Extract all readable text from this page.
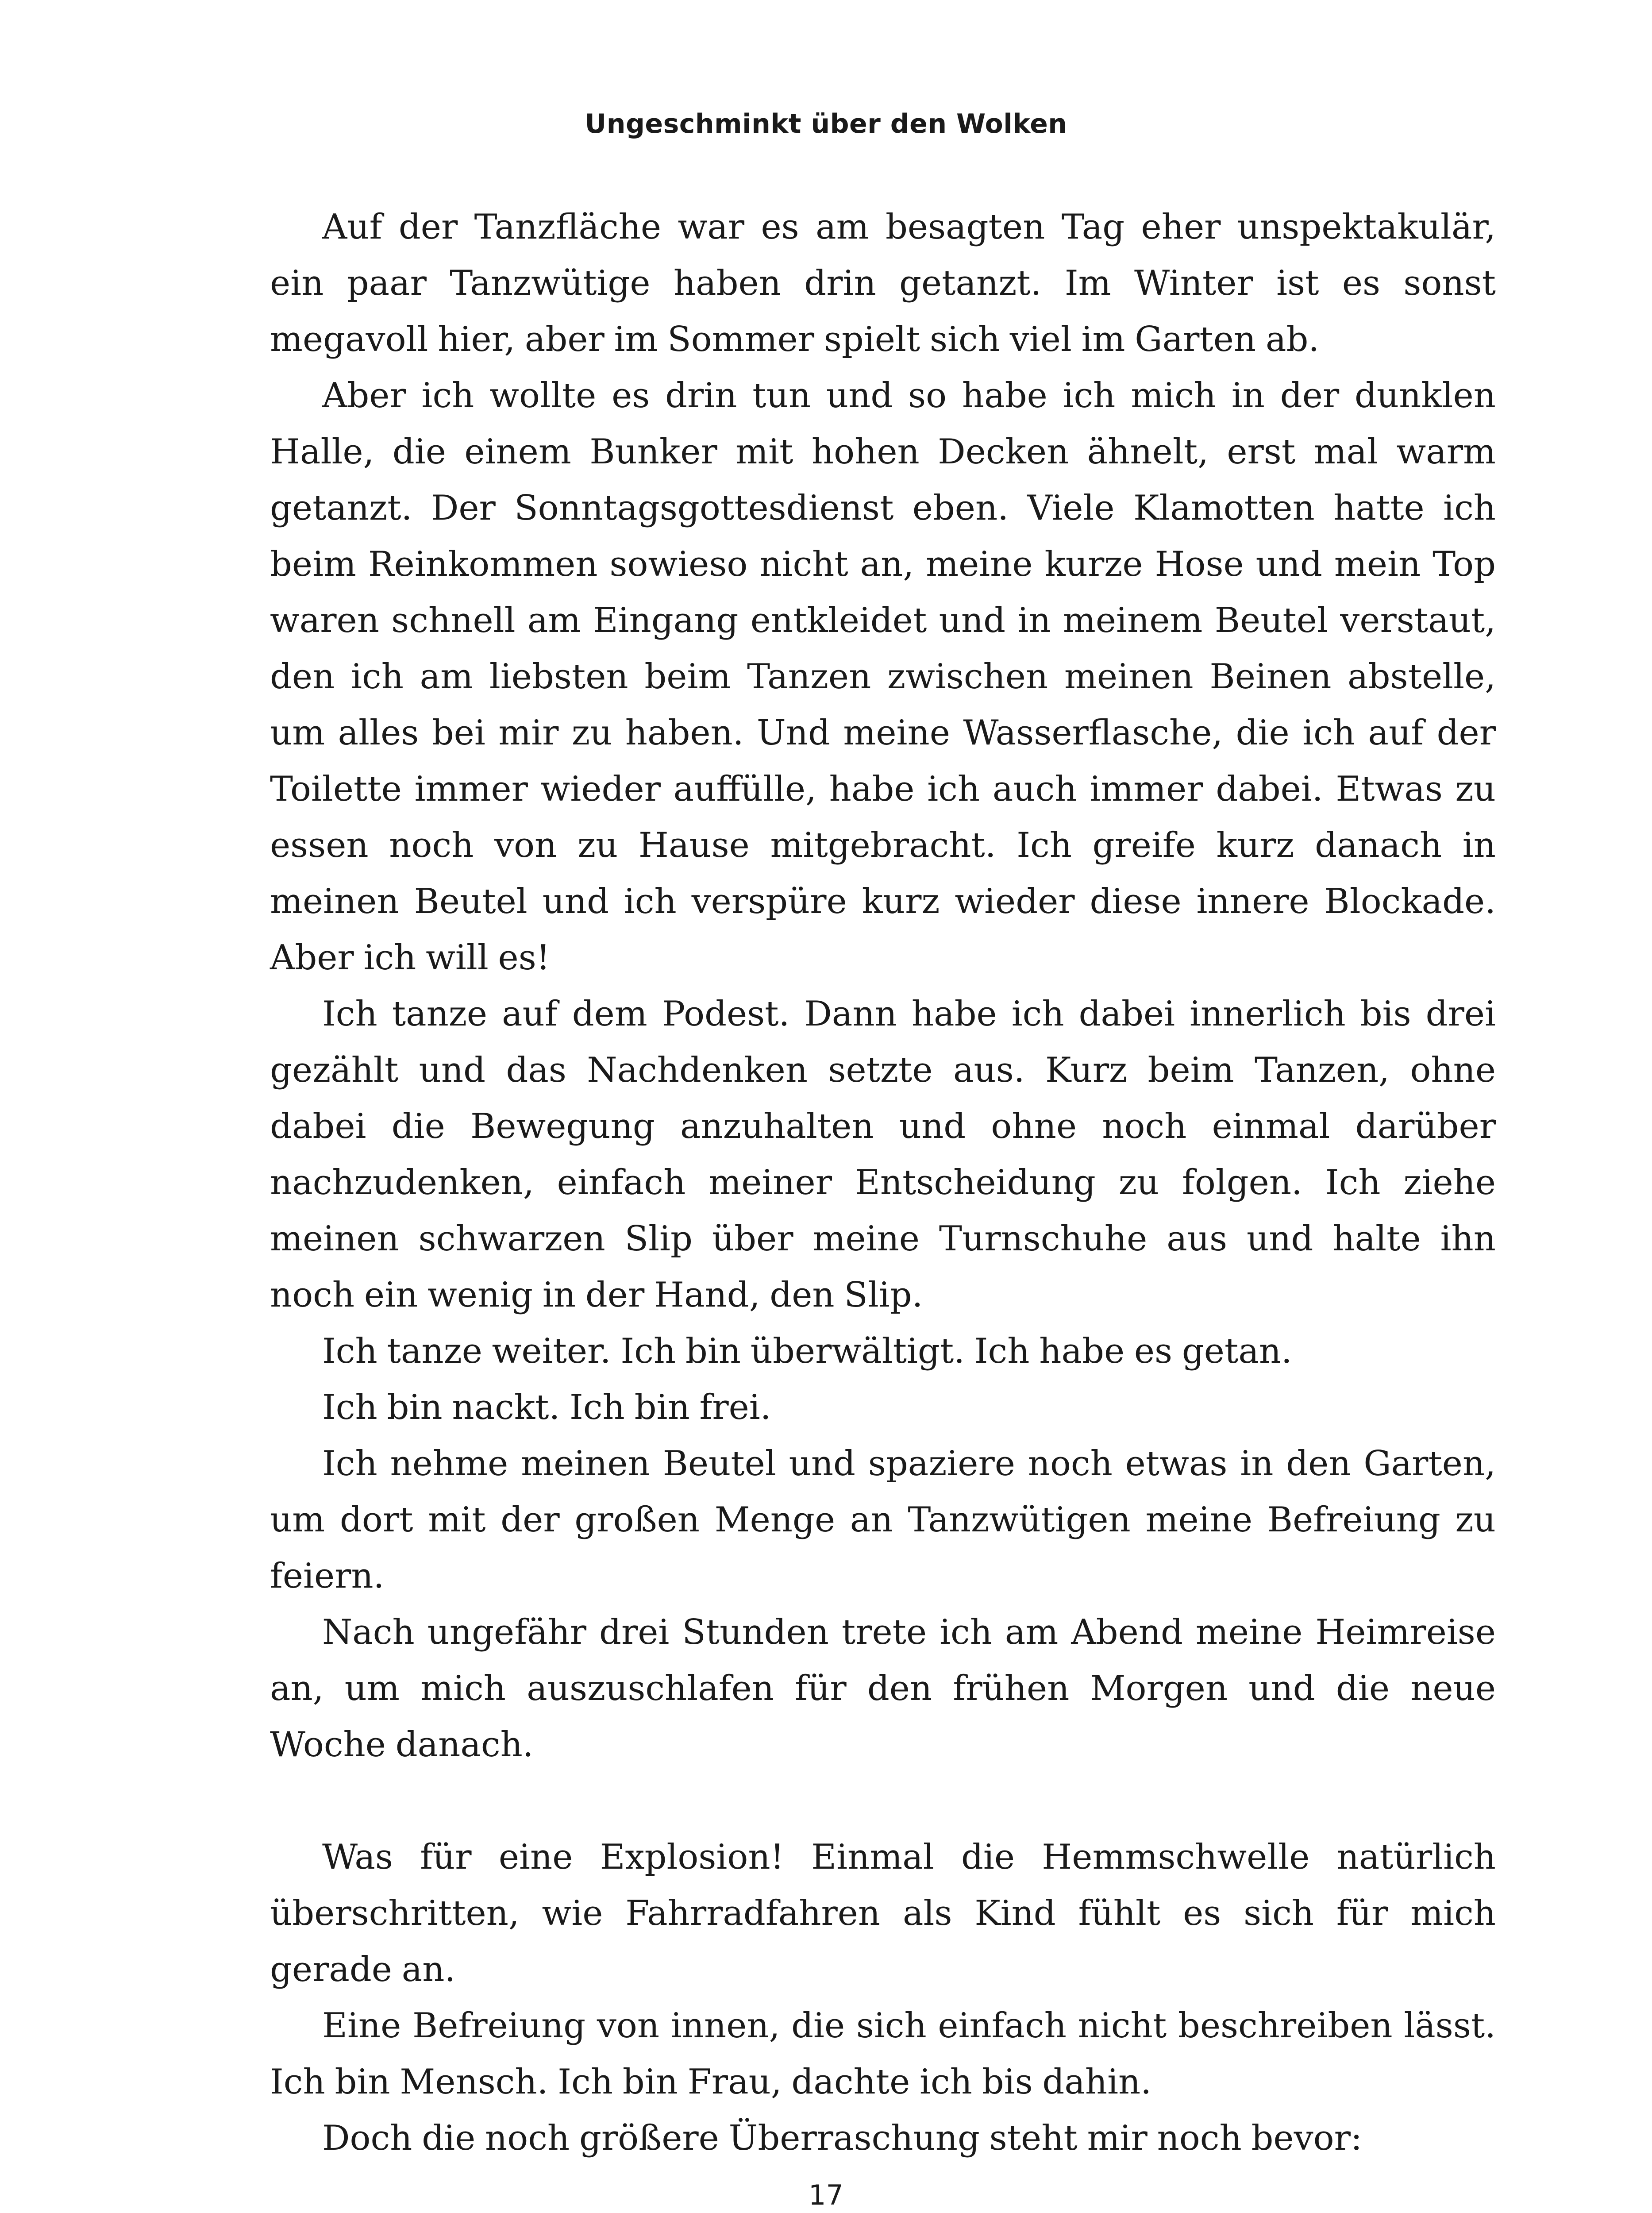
Ungeschminkt über den Wolken

Auf der Tanzfläche war es am besagten Tag eher unspektakulär, ein paar Tanzwütige haben drin getanzt. Im Winter ist es sonst megavoll hier, aber im Sommer spielt sich viel im Garten ab.

Aber ich wollte es drin tun und so habe ich mich in der dunklen Halle, die einem Bunker mit hohen Decken ähnelt, erst mal warm getanzt. Der Sonntagsgottesdienst eben. Viele Klamotten hatte ich beim Reinkommen sowieso nicht an, meine kurze Hose und mein Top waren schnell am Eingang entkleidet und in meinem Beutel verstaut, den ich am liebsten beim Tanzen zwischen meinen Beinen abstelle, um alles bei mir zu haben. Und meine Wasserflasche, die ich auf der Toilette immer wieder auffülle, habe ich auch immer dabei. Etwas zu essen noch von zu Hause mitgebracht. Ich greife kurz danach in meinen Beutel und ich verspüre kurz wieder diese innere Blockade. Aber ich will es!

Ich tanze auf dem Podest. Dann habe ich dabei innerlich bis drei gezählt und das Nachdenken setzte aus. Kurz beim Tanzen, ohne dabei die Bewegung anzuhalten und ohne noch einmal darüber nachzudenken, einfach meiner Entscheidung zu folgen. Ich ziehe meinen schwarzen Slip über meine Turnschuhe aus und halte ihn noch ein wenig in der Hand, den Slip.

Ich tanze weiter. Ich bin überwältigt. Ich habe es getan.

Ich bin nackt. Ich bin frei.

Ich nehme meinen Beutel und spaziere noch etwas in den Garten, um dort mit der großen Menge an Tanzwütigen meine Befreiung zu feiern.

Nach ungefähr drei Stunden trete ich am Abend meine Heimreise an, um mich auszuschlafen für den frühen Morgen und die neue Woche danach.

Was für eine Explosion! Einmal die Hemmschwelle natürlich überschritten, wie Fahrradfahren als Kind fühlt es sich für mich gerade an.

Eine Befreiung von innen, die sich einfach nicht beschreiben lässt. Ich bin Mensch. Ich bin Frau, dachte ich bis dahin.

Doch die noch größere Überraschung steht mir noch bevor:

17
